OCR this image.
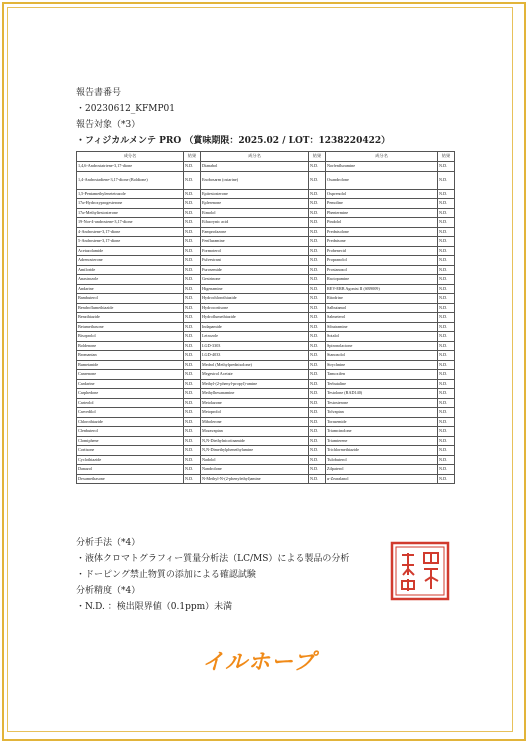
報告書番号
・20230612_KFMP01
報告対象（*3）
・フィジカルメンテ PRO （賞味期限：2025.02 / LOT：1238220422）
成分名	結果	成分名	結果	成分名	結果
1,4,6-Androstatriene-3,17-dione	N.D.	Dianabol	N.D.	Norfenfluramine	N.D.
1,4-Androstadiene-3,17-dione (Boldione)	N.D.	Enobosarm (ostarine)	N.D.	Oxandrolone	N.D.
1,5-Pentamethylenetetrazole	N.D.	Epitestosterone	N.D.	Oxprenolol	N.D.
17α-Hydroxyprogesterone	N.D.	Eplerenone	N.D.	Pemoline	N.D.
17α-Methyltestosterone	N.D.	Etmolol	N.D.	Phentermine	N.D.
19-Nor-4-androstene-3,17-dione	N.D.	Ethacrynic acid	N.D.	Pindolol	N.D.
4-Androstene-3,17-dione	N.D.	Famprofazone	N.D.	Prednisolone	N.D.
5-Androstene-3,17-dione	N.D.	Fenfluramine	N.D.	Prednisone	N.D.
Acetazolamide	N.D.	Formoterol	N.D.	Probenecid	N.D.
Adrenosterone	N.D.	Fulvestrant	N.D.	Propranolol	N.D.
Amiloride	N.D.	Furosemide	N.D.	Prostanozol	N.D.
Anastrozole	N.D.	Gestrinone	N.D.	Ractopamine	N.D.
Andarine	N.D.	Higenamine	N.D.	REV-ERB Agonist II (SR9009)	N.D.
Bambuterol	N.D.	Hydrochlorothiazide	N.D.	Ritodrine	N.D.
Bendroflumethiazide	N.D.	Hydrocortisone	N.D.	Salbutamol	N.D.
Benzthiazide	N.D.	Hydroflumethiazide	N.D.	Salmeterol	N.D.
Betamethasone	N.D.	Indapamide	N.D.	Sibutramine	N.D.
Bisoprolol	N.D.	Letrozole	N.D.	Sotalol	N.D.
Boldenone	N.D.	LGD-3303	N.D.	Spironolactone	N.D.
Bromantan	N.D.	LGD-4033	N.D.	Stanozolol	N.D.
Bumetanide	N.D.	Medrol (Methylprednisolone)	N.D.	Strychnine	N.D.
Canrenone	N.D.	Megestrol Acetate	N.D.	Tamoxifen	N.D.
Cardarine	N.D.	Methyl-(2-phenyl-propyl)-amine	N.D.	Terbutaline	N.D.
Carphedone	N.D.	Methylhexanamine	N.D.	Testolone (RAD140)	N.D.
Carteolol	N.D.	Metolazone	N.D.	Testosterone	N.D.
Carvedilol	N.D.	Metoprolol	N.D.	Tolvaptan	N.D.
Chlorothiazide	N.D.	Mibolerone	N.D.	Torasemide	N.D.
Clenbuterol	N.D.	Mozavaptan	N.D.	Triamcinolone	N.D.
Clomiphene	N.D.	N,N-Diethylnicotinamide	N.D.	Triamterene	N.D.
Cortisone	N.D.	N,N-Dimethylphenethylamine	N.D.	Trichlormethiazide	N.D.
Cyclothiazide	N.D.	Nadolol	N.D.	Tulobuterol	N.D.
Danazol	N.D.	Nandrolone	N.D.	Zilpaterol	N.D.
Dexamethasone	N.D.	N-Methyl-N-(2-phenylethyl)amine	N.D.	α-Zearalanol	N.D.
分析手法（*4）
・液体クロマトグラフィー質量分析法（LC/MS）による製品の分析
・ドーピング禁止物質の添加による確認試験
分析精度（*4）
・N.D. ：検出限界値（0.1ppm）未満
イルホープ
